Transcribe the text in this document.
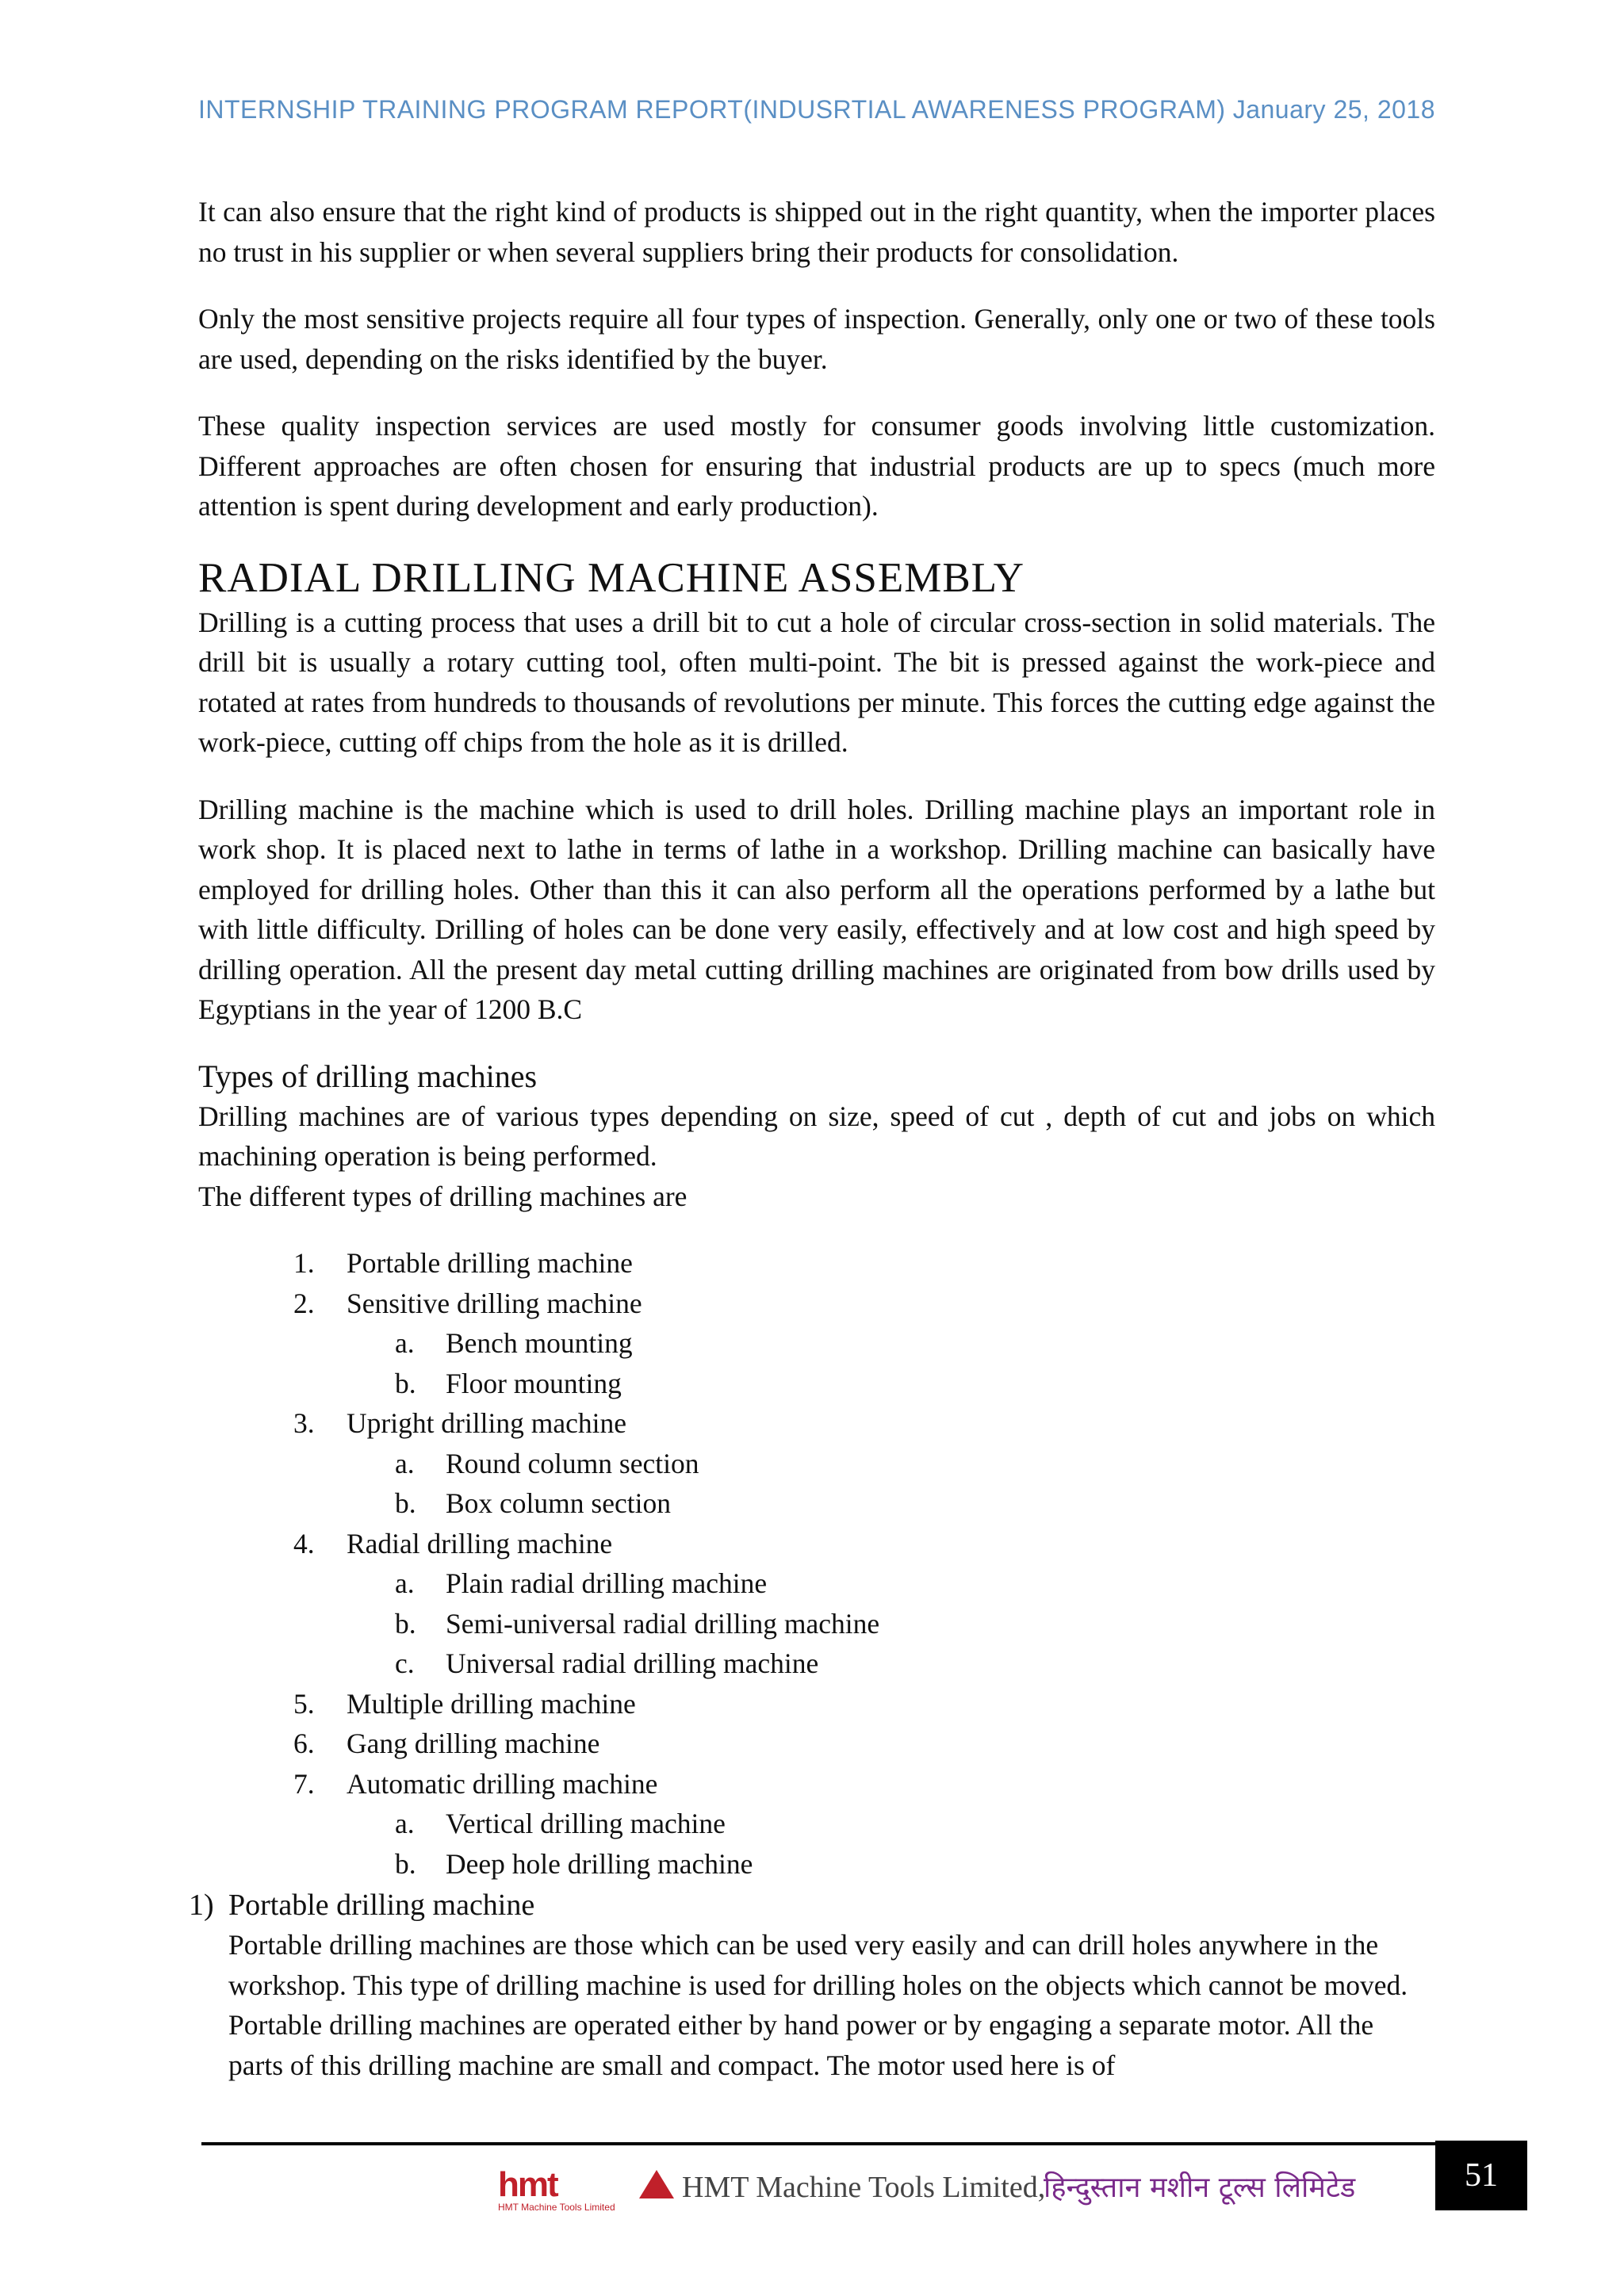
INTERNSHIP TRAINING PROGRAM REPORT(INDUSRTIAL AWARENESS PROGRAM) January 25, 2018

It can also ensure that the right kind of products is shipped out in the right quantity, when the importer places no trust in his supplier or when several suppliers bring their products for consolidation.

Only the most sensitive projects require all four types of inspection. Generally, only one or two of these tools are used, depending on the risks identified by the buyer.

These quality inspection services are used mostly for consumer goods involving little customization. Different approaches are often chosen for ensuring that industrial products are up to specs (much more attention is spent during development and early production).

RADIAL DRILLING MACHINE ASSEMBLY

Drilling is a cutting process that uses a drill bit to cut a hole of circular cross-section in solid materials. The drill bit is usually a rotary cutting tool, often multi-point. The bit is pressed against the work-piece and rotated at rates from hundreds to thousands of revolutions per minute. This forces the cutting edge against the work-piece, cutting off chips from the hole as it is drilled.

Drilling machine is the machine which is used to drill holes. Drilling machine plays an important role in work shop. It is placed next to lathe in terms of lathe in a workshop. Drilling machine can basically have employed for drilling holes. Other than this it can also perform all the operations performed by a lathe but with little difficulty. Drilling of holes can be done very easily, effectively and at low cost and high speed by drilling operation. All the present day metal cutting drilling machines are originated from bow drills used by Egyptians in the year of 1200 B.C

Types of drilling machines

Drilling machines are of various types depending on size, speed of cut , depth of cut and jobs on which machining operation is being performed.
The different types of drilling machines are

1.	Portable drilling machine
2.	Sensitive drilling machine
a.	Bench mounting
b.	Floor mounting
3.	Upright drilling machine
a.	Round column section
b.	Box column section
4.	Radial drilling machine
a.	Plain radial drilling machine
b.	Semi-universal radial drilling machine
c.	Universal radial drilling machine
5.	Multiple drilling machine
6.	Gang drilling machine
7.	Automatic drilling machine
a.	Vertical drilling machine
b.	Deep hole drilling machine
1) Portable drilling machine

Portable drilling machines are those which can be used very easily and can drill holes anywhere in the workshop. This type of drilling machine is used for drilling holes on the objects which cannot be moved. Portable drilling machines are operated either by hand power or by engaging a separate motor. All the parts of this drilling machine are small and compact. The motor used here is of

51
hmt
HMT Machine Tools Limited
HMT Machine Tools Limited,
हिन्दुस्तान मशीन टूल्स लिमिटेड
